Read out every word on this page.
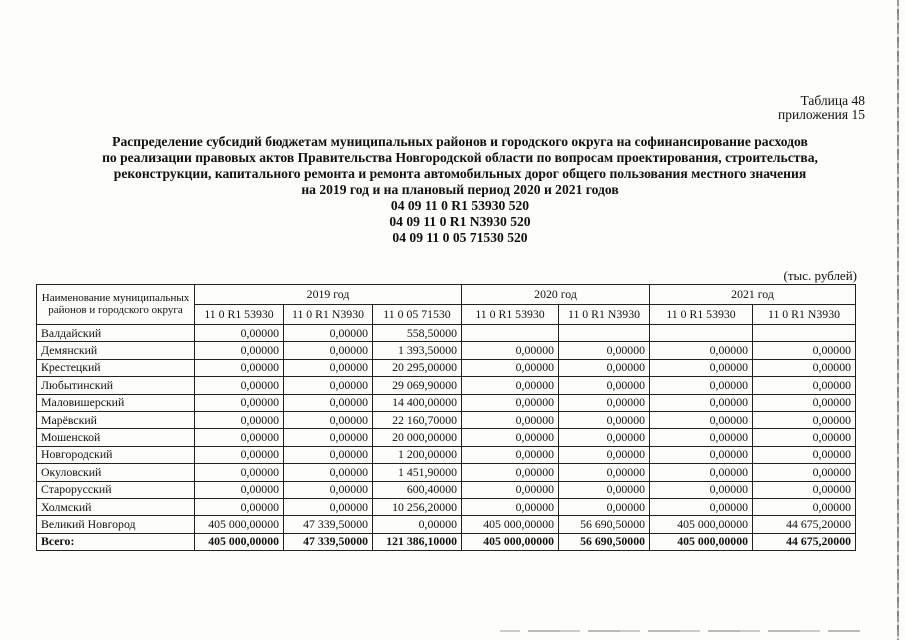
Таблица 48
приложения 15
Распределение субсидий бюджетам муниципальных районов и городского округа на софинансирование расходов
по реализации правовых актов Правительства Новгородской области по вопросам проектирования, строительства,
реконструкции, капитального ремонта и ремонта автомобильных дорог общего пользования местного значения
на 2019 год и на плановый период 2020 и 2021 годов
04 09 11 0 R1 53930 520
04 09 11 0 R1 N3930 520
04 09 11 0 05 71530 520
(тыс. рублей)
Наименование муниципальных районов и городского округа	2019 год			2020 год		2021 год	
	11 0 R1 53930	11 0 R1 N3930	11 0 05 71530	11 0 R1 53930	11 0 R1 N3930	11 0 R1 53930	11 0 R1 N3930
Валдайский	0,00000	0,00000	558,50000				
Демянский	0,00000	0,00000	1 393,50000	0,00000	0,00000	0,00000	0,00000
Крестецкий	0,00000	0,00000	20 295,00000	0,00000	0,00000	0,00000	0,00000
Любытинский	0,00000	0,00000	29 069,90000	0,00000	0,00000	0,00000	0,00000
Маловишерский	0,00000	0,00000	14 400,00000	0,00000	0,00000	0,00000	0,00000
Марёвский	0,00000	0,00000	22 160,70000	0,00000	0,00000	0,00000	0,00000
Мошенской	0,00000	0,00000	20 000,00000	0,00000	0,00000	0,00000	0,00000
Новгородский	0,00000	0,00000	1 200,00000	0,00000	0,00000	0,00000	0,00000
Окуловский	0,00000	0,00000	1 451,90000	0,00000	0,00000	0,00000	0,00000
Старорусский	0,00000	0,00000	600,40000	0,00000	0,00000	0,00000	0,00000
Холмский	0,00000	0,00000	10 256,20000	0,00000	0,00000	0,00000	0,00000
Великий Новгород	405 000,00000	47 339,50000	0,00000	405 000,00000	56 690,50000	405 000,00000	44 675,20000
Всего:	405 000,00000	47 339,50000	121 386,10000	405 000,00000	56 690,50000	405 000,00000	44 675,20000
